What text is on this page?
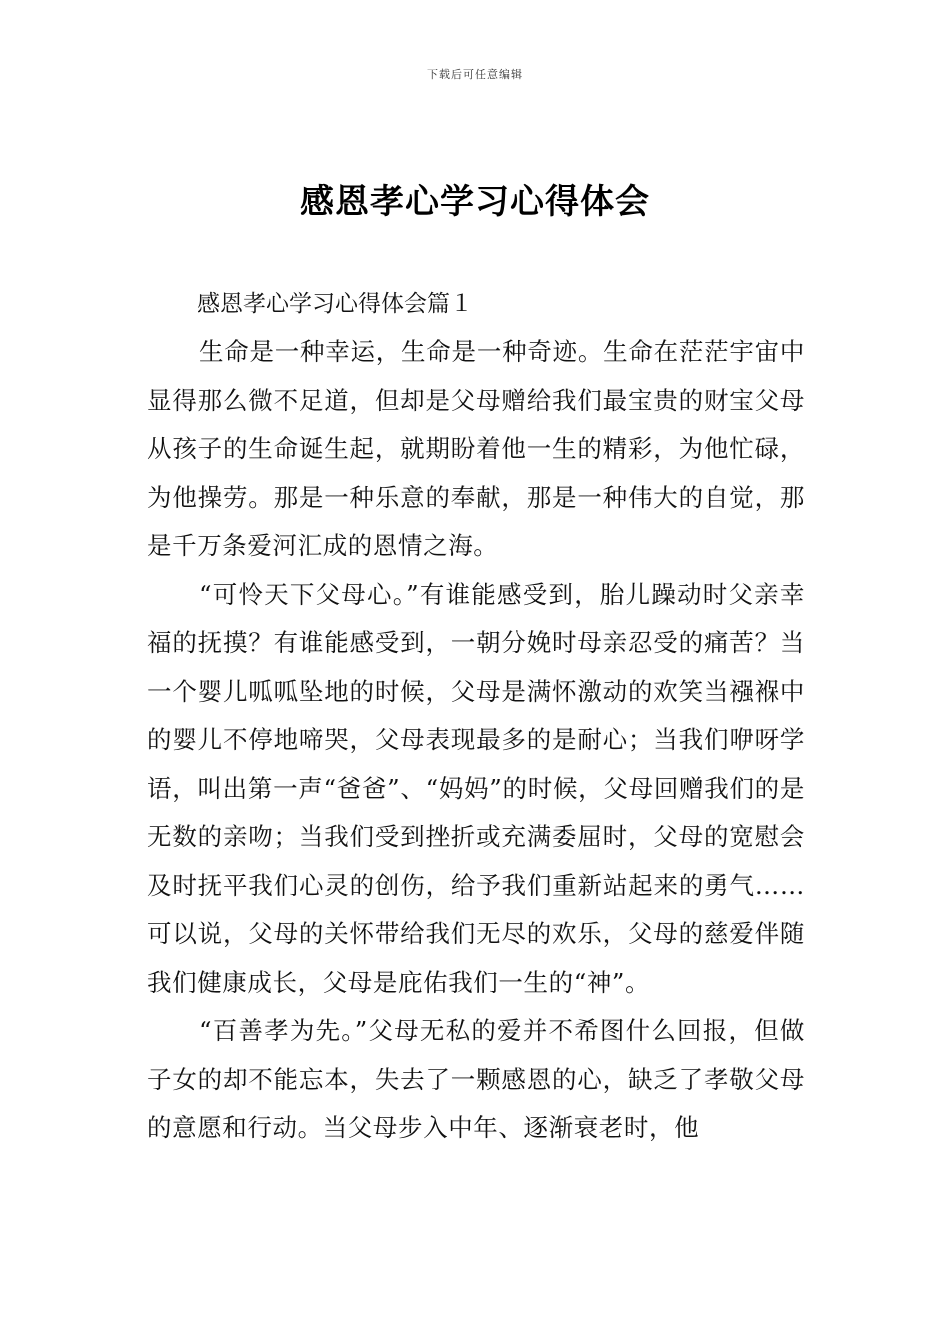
下载后可任意编辑
感恩孝心学习心得体会

感恩孝心学习心得体会篇１

生命是一种幸运，生命是一种奇迹。生命在茫茫宇宙中显得那么微不足道，但却是父母赠给我们最宝贵的财宝父母从孩子的生命诞生起，就期盼着他一生的精彩，为他忙碌，为他操劳。那是一种乐意的奉献，那是一种伟大的自觉，那是千万条爱河汇成的恩情之海。

“可怜天下父母心。”有谁能感受到，胎儿躁动时父亲幸福的抚摸？有谁能感受到，一朝分娩时母亲忍受的痛苦？当一个婴儿呱呱坠地的时候，父母是满怀激动的欢笑当襁褓中的婴儿不停地啼哭，父母表现最多的是耐心；当我们咿呀学语，叫出第一声“爸爸”、“妈妈”的时候，父母回赠我们的是无数的亲吻；当我们受到挫折或充满委屈时，父母的宽慰会及时抚平我们心灵的创伤，给予我们重新站起来的勇气……可以说，父母的关怀带给我们无尽的欢乐，父母的慈爱伴随我们健康成长，父母是庇佑我们一生的“神”。

“百善孝为先。”父母无私的爱并不希图什么回报，但做子女的却不能忘本，失去了一颗感恩的心，缺乏了孝敬父母的意愿和行动。当父母步入中年、逐渐衰老时，他
